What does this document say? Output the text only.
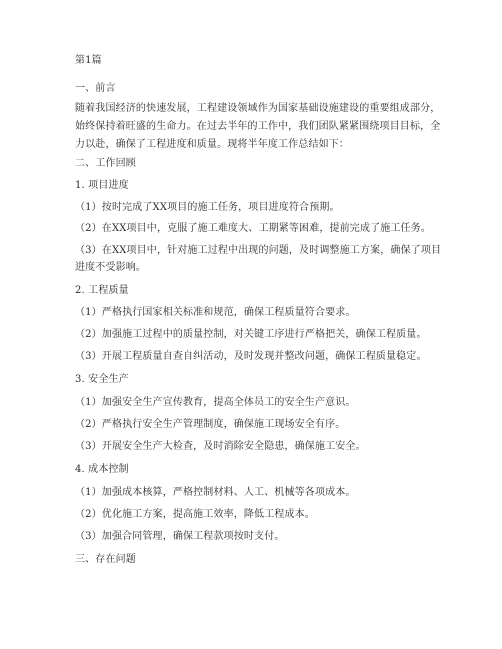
第1篇
一、前言
随着我国经济的快速发展，工程建设领域作为国家基础设施建设的重要组成部分，
始终保持着旺盛的生命力。在过去半年的工作中，我们团队紧紧围绕项目目标，全
力以赴，确保了工程进度和质量。现将半年度工作总结如下：
二、工作回顾
1. 项目进度
（1）按时完成了XX项目的施工任务，项目进度符合预期。
（2）在XX项目中，克服了施工难度大、工期紧等困难，提前完成了施工任务。
（3）在XX项目中，针对施工过程中出现的问题，及时调整施工方案，确保了项目
进度不受影响。
2. 工程质量
（1）严格执行国家相关标准和规范，确保工程质量符合要求。
（2）加强施工过程中的质量控制，对关键工序进行严格把关，确保工程质量。
（3）开展工程质量自查自纠活动，及时发现并整改问题，确保工程质量稳定。
3. 安全生产
（1）加强安全生产宣传教育，提高全体员工的安全生产意识。
（2）严格执行安全生产管理制度，确保施工现场安全有序。
（3）开展安全生产大检查，及时消除安全隐患，确保施工安全。
4. 成本控制
（1）加强成本核算，严格控制材料、人工、机械等各项成本。
（2）优化施工方案，提高施工效率，降低工程成本。
（3）加强合同管理，确保工程款项按时支付。
三、存在问题
